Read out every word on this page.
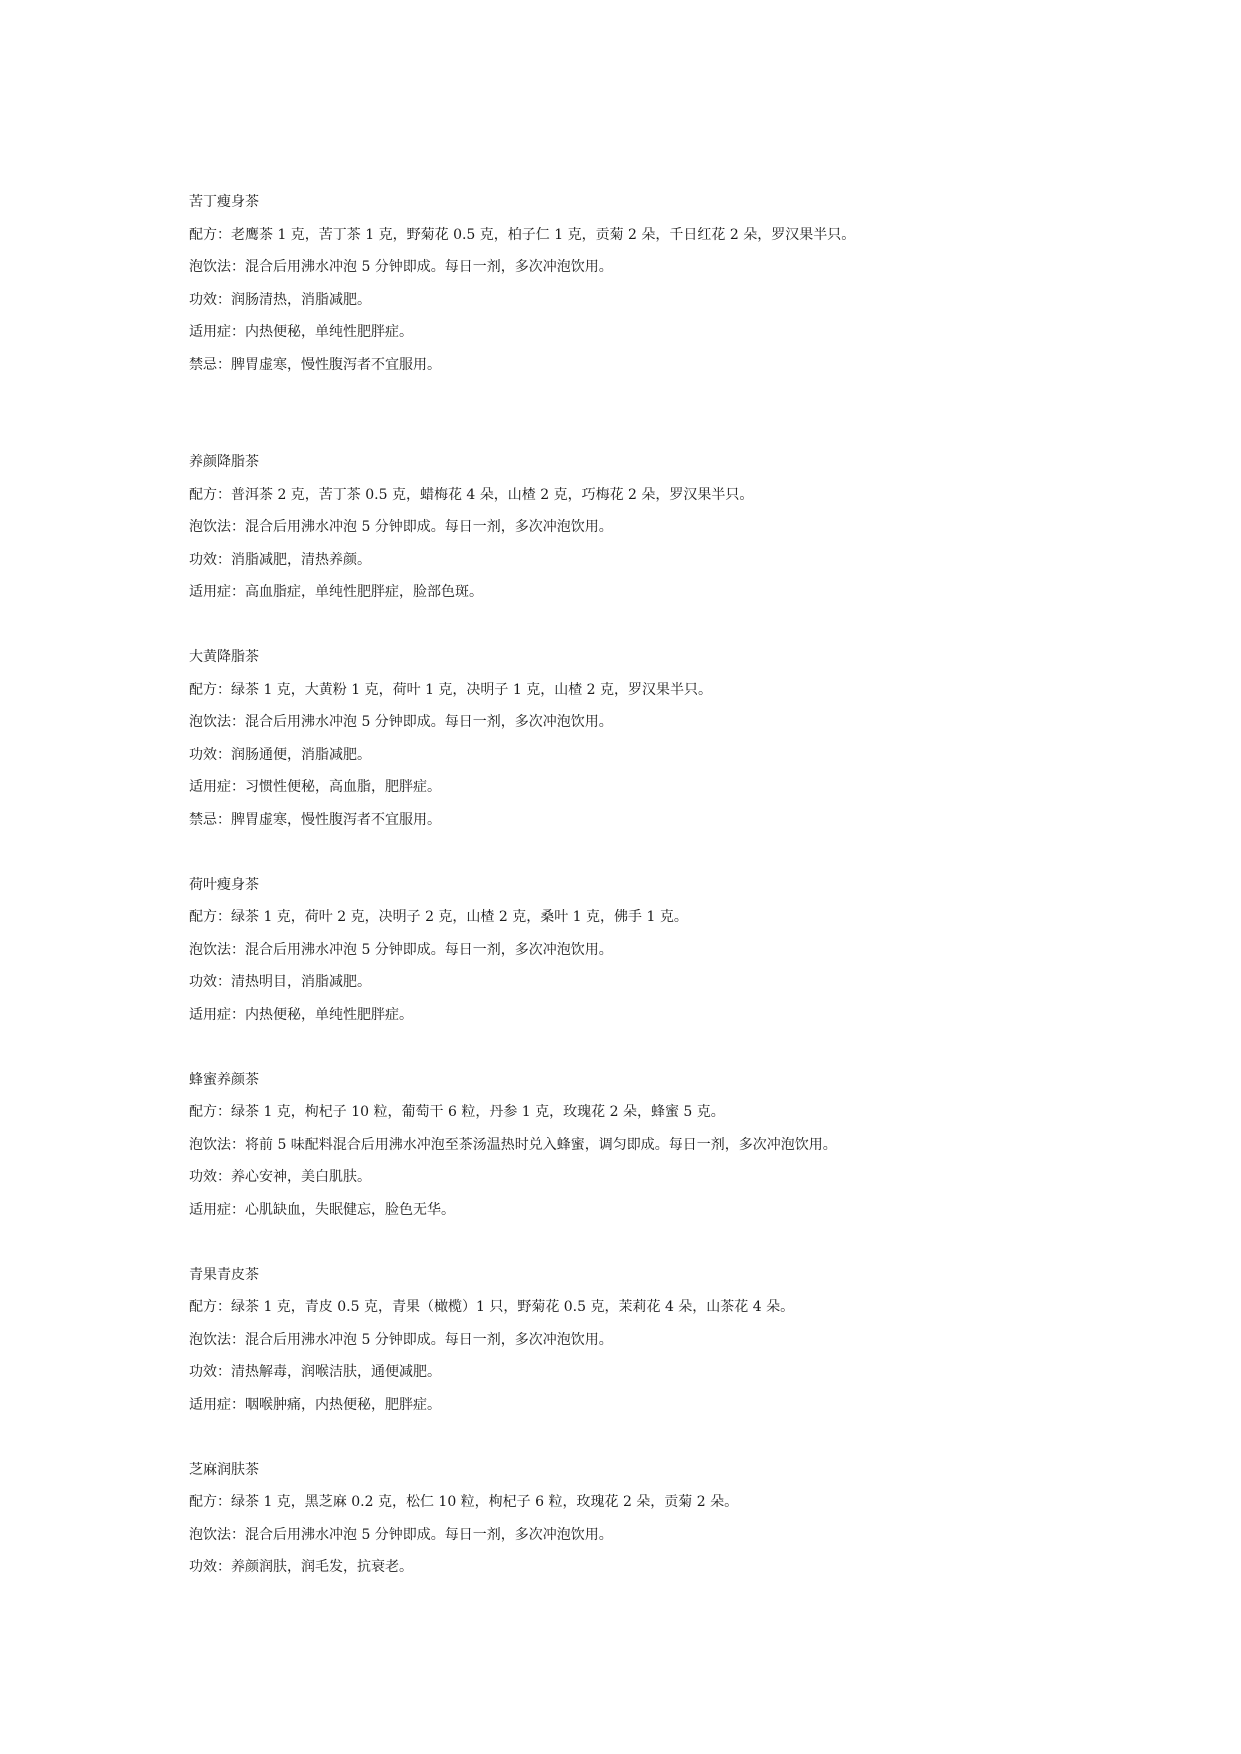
苦丁瘦身茶
配方：老鹰茶 1 克，苦丁茶 1 克，野菊花 0.5 克，柏子仁 1 克，贡菊 2 朵，千日红花 2 朵，罗汉果半只。
泡饮法：混合后用沸水冲泡 5 分钟即成。每日一剂，多次冲泡饮用。
功效：润肠清热，消脂减肥。
适用症：内热便秘，单纯性肥胖症。
禁忌：脾胃虚寒，慢性腹泻者不宜服用。
养颜降脂茶
配方：普洱茶 2 克，苦丁茶 0.5 克，蜡梅花 4 朵，山楂 2 克，巧梅花 2 朵，罗汉果半只。
泡饮法：混合后用沸水冲泡 5 分钟即成。每日一剂，多次冲泡饮用。
功效：消脂减肥，清热养颜。
适用症：高血脂症，单纯性肥胖症，脸部色斑。
大黄降脂茶
配方：绿茶 1 克，大黄粉 1 克，荷叶 1 克，决明子 1 克，山楂 2 克，罗汉果半只。
泡饮法：混合后用沸水冲泡 5 分钟即成。每日一剂，多次冲泡饮用。
功效：润肠通便，消脂减肥。
适用症：习惯性便秘，高血脂，肥胖症。
禁忌：脾胃虚寒，慢性腹泻者不宜服用。
荷叶瘦身茶
配方：绿茶 1 克，荷叶 2 克，决明子 2 克，山楂 2 克，桑叶 1 克，佛手 1 克。
泡饮法：混合后用沸水冲泡 5 分钟即成。每日一剂，多次冲泡饮用。
功效：清热明目，消脂减肥。
适用症：内热便秘，单纯性肥胖症。
蜂蜜养颜茶
配方：绿茶 1 克，枸杞子 10 粒，葡萄干 6 粒，丹参 1 克，玫瑰花 2 朵，蜂蜜 5 克。
泡饮法：将前 5 味配料混合后用沸水冲泡至茶汤温热时兑入蜂蜜，调匀即成。每日一剂，多次冲泡饮用。
功效：养心安神，美白肌肤。
适用症：心肌缺血，失眠健忘，脸色无华。
青果青皮茶
配方：绿茶 1 克，青皮 0.5 克，青果（橄榄）1 只，野菊花 0.5 克，茉莉花 4 朵，山茶花 4 朵。
泡饮法：混合后用沸水冲泡 5 分钟即成。每日一剂，多次冲泡饮用。
功效：清热解毒，润喉洁肤，通便减肥。
适用症：咽喉肿痛，内热便秘，肥胖症。
芝麻润肤茶
配方：绿茶 1 克，黑芝麻 0.2 克，松仁 10 粒，枸杞子 6 粒，玫瑰花 2 朵，贡菊 2 朵。
泡饮法：混合后用沸水冲泡 5 分钟即成。每日一剂，多次冲泡饮用。
功效：养颜润肤，润毛发，抗衰老。
